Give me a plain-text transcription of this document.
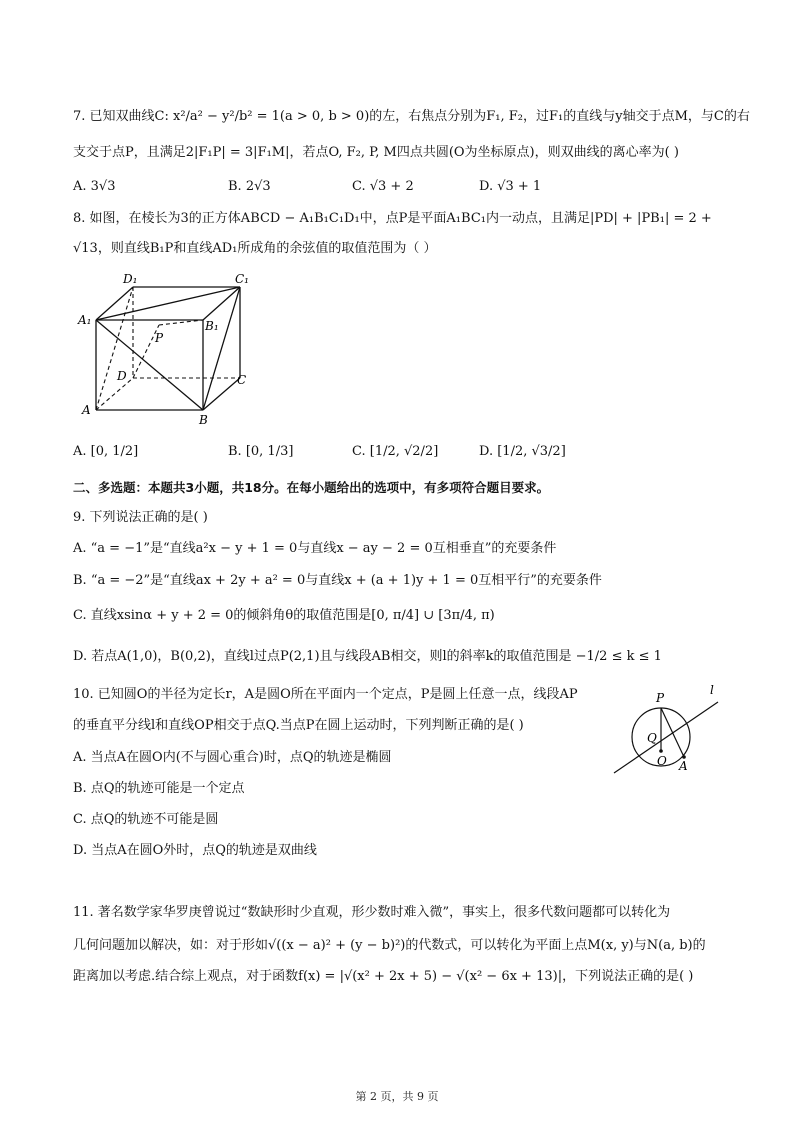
7. 已知双曲线C: x²/a² − y²/b² = 1(a > 0, b > 0)的左，右焦点分别为F₁, F₂，过F₁的直线与y轴交于点M，与C的右
支交于点P，且满足2|F₁P| = 3|F₁M|，若点O, F₂, P, M四点共圆(O为坐标原点)，则双曲线的离心率为( )
A. 3√3	B. 2√3	C. √3 + 2	D. √3 + 1
8. 如图，在棱长为3的正方体ABCD − A₁B₁C₁D₁中，点P是平面A₁BC₁内一动点，且满足|PD| + |PB₁| = 2 +
√13，则直线B₁P和直线AD₁所成角的余弦值的取值范围为（ ）
D₁	C₁
A₁	B₁
P
D	C
A
B
A. [0, 1/2]	B. [0, 1/3]	C. [1/2, √2/2]	D. [1/2, √3/2]
二、多选题：本题共3小题，共18分。在每小题给出的选项中，有多项符合题目要求。
9. 下列说法正确的是( )
A. “a = −1”是“直线a²x − y + 1 = 0与直线x − ay − 2 = 0互相垂直”的充要条件
B. “a = −2”是“直线ax + 2y + a² = 0与直线x + (a + 1)y + 1 = 0互相平行”的充要条件
C. 直线xsinα + y + 2 = 0的倾斜角θ的取值范围是[0, π/4] ∪ [3π/4, π)
D. 若点A(1,0)，B(0,2)，直线l过点P(2,1)且与线段AB相交，则l的斜率k的取值范围是 −1/2 ≤ k ≤ 1
10. 已知圆O的半径为定长r，A是圆O所在平面内一个定点，P是圆上任意一点，线段AP
的垂直平分线l和直线OP相交于点Q.当点P在圆上运动时，下列判断正确的是( )
A. 当点A在圆O内(不与圆心重合)时，点Q的轨迹是椭圆
B. 点Q的轨迹可能是一个定点
C. 点Q的轨迹不可能是圆
D. 当点A在圆O外时，点Q的轨迹是双曲线
P
l
Q
O A
11. 著名数学家华罗庚曾说过“数缺形时少直观，形少数时难入微”，事实上，很多代数问题都可以转化为
几何问题加以解决，如：对于形如√((x − a)² + (y − b)²)的代数式，可以转化为平面上点M(x, y)与N(a, b)的
距离加以考虑.结合综上观点，对于函数f(x) = |√(x² + 2x + 5) − √(x² − 6x + 13)|，下列说法正确的是( )
第 2 页，共 9 页
